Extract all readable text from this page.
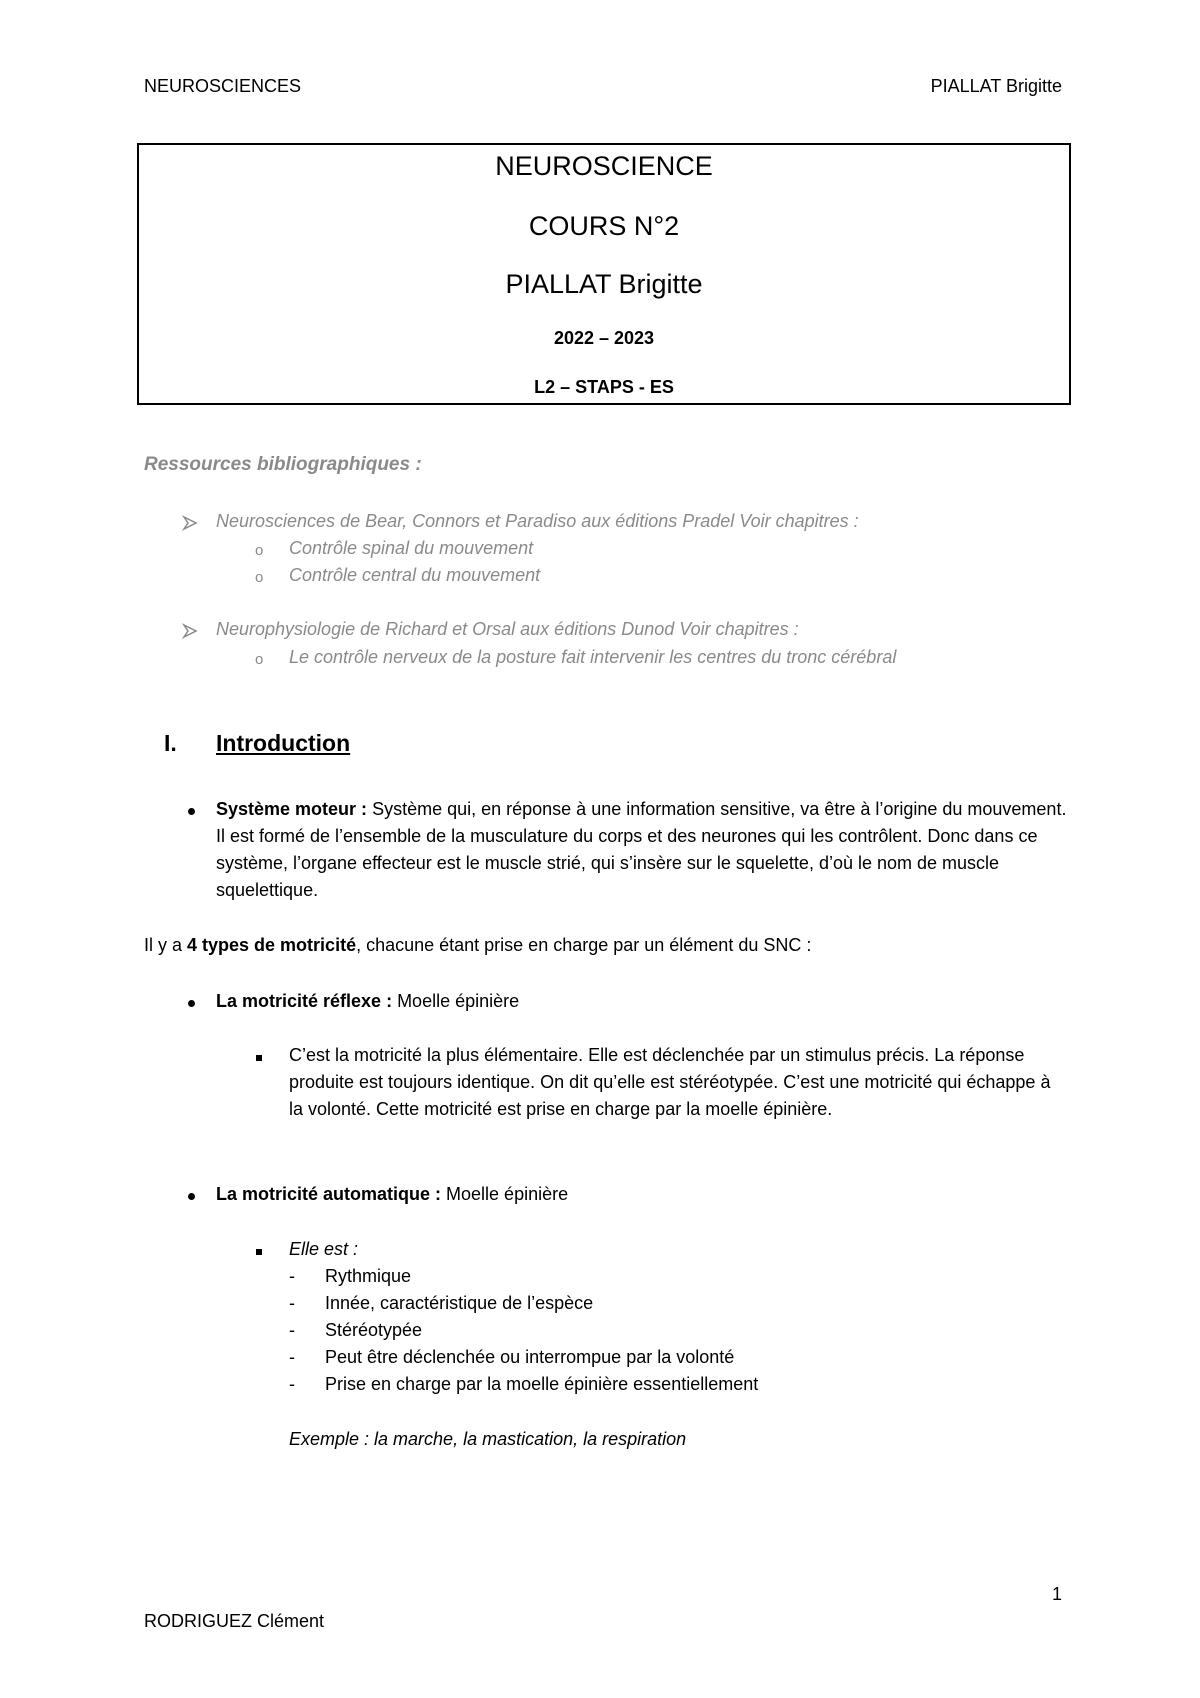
NEUROSCIENCES	PIALLAT Brigitte
NEUROSCIENCE
COURS N°2
PIALLAT Brigitte
2022 – 2023
L2 – STAPS - ES
Ressources bibliographiques :
Neurosciences de Bear, Connors et Paradiso aux éditions Pradel Voir chapitres :
o Contrôle spinal du mouvement
o Contrôle central du mouvement
Neurophysiologie de Richard et Orsal aux éditions Dunod Voir chapitres :
o Le contrôle nerveux de la posture fait intervenir les centres du tronc cérébral
I. Introduction
Système moteur : Système qui, en réponse à une information sensitive, va être à l’origine du mouvement. Il est formé de l’ensemble de la musculature du corps et des neurones qui les contrôlent. Donc dans ce système, l’organe effecteur est le muscle strié, qui s’insère sur le squelette, d’où le nom de muscle squelettique.
Il y a 4 types de motricité, chacune étant prise en charge par un élément du SNC :
La motricité réflexe : Moelle épinière
C’est la motricité la plus élémentaire. Elle est déclenchée par un stimulus précis. La réponse produite est toujours identique. On dit qu’elle est stéréotypée. C’est une motricité qui échappe à la volonté. Cette motricité est prise en charge par la moelle épinière.
La motricité automatique : Moelle épinière
Elle est :
- Rythmique
- Innée, caractéristique de l’espèce
- Stéréotypée
- Peut être déclenchée ou interrompue par la volonté
- Prise en charge par la moelle épinière essentiellement
Exemple : la marche, la mastication, la respiration
1
RODRIGUEZ Clément
